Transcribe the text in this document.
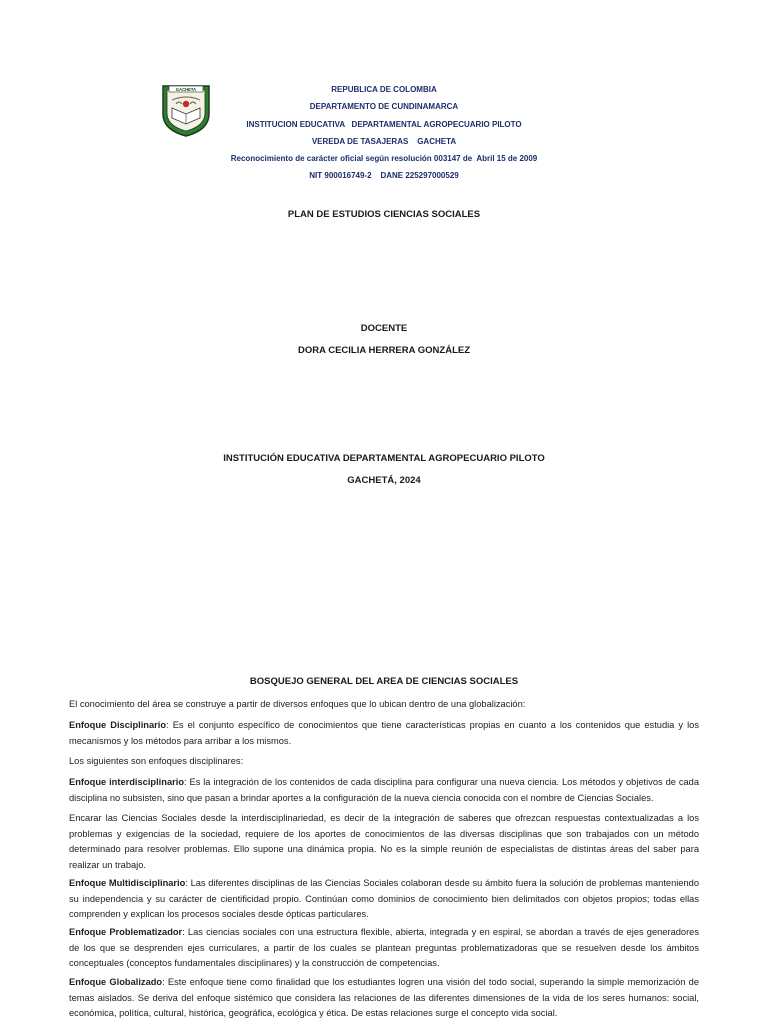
GACHETA	REPUBLICA DE COLOMBIA
DEPARTAMENTO DE CUNDINAMARCA
INSTITUCION EDUCATIVA   DEPARTAMENTAL AGROPECUARIO PILOTO
VEREDA DE TASAJERAS    GACHETA
Reconocimiento de carácter oficial según resolución 003147 de  Abril 15 de 2009
NIT 900016749-2    DANE 225297000529
PLAN DE ESTUDIOS CIENCIAS SOCIALES
DOCENTE
DORA CECILIA HERRERA GONZÁLEZ
INSTITUCIÓN EDUCATIVA DEPARTAMENTAL AGROPECUARIO PILOTO
GACHETÁ, 2024
BOSQUEJO GENERAL DEL AREA DE CIENCIAS SOCIALES
El conocimiento del área se construye a partir de diversos enfoques que lo ubican dentro de una globalización:
Enfoque Disciplinario: Es el conjunto específico de conocimientos que tiene características propias en cuanto a los contenidos que estudia y los mecanismos y los métodos para arribar a los mismos.
Los siguientes son enfoques disciplinares:
Enfoque interdisciplinario: Es la integración de los contenidos de cada disciplina para configurar una nueva ciencia. Los métodos y objetivos de cada disciplina no subsisten, sino que pasan a brindar aportes a la configuración de la nueva ciencia conocida con el nombre de Ciencias Sociales.
Encarar las Ciencias Sociales desde la interdisciplinariedad, es decir de la integración de saberes que ofrezcan respuestas contextualizadas a los problemas y exigencias de la sociedad, requiere de los aportes de conocimientos de las diversas disciplinas que son trabajados con un método determinado para resolver problemas. Ello supone una dinámica propia. No es la simple reunión de especialistas de distintas áreas del saber para realizar un trabajo.
Enfoque Multidisciplinario: Las diferentes disciplinas de las Ciencias Sociales colaboran desde su ámbito fuera la solución de problemas manteniendo su independencia y su carácter de cientificidad propio. Continúan como dominios de conocimiento bien delimitados con objetos propios; todas ellas comprenden y explican los procesos sociales desde ópticas particulares.
Enfoque Problematizador: Las ciencias sociales con una estructura flexible, abierta, integrada y en espiral, se abordan a través de ejes generadores de los que se desprenden ejes curriculares, a partir de los cuales se plantean preguntas problematizadoras que se resuelven desde los ámbitos conceptuales (conceptos fundamentales disciplinares) y la construcción de competencias.
Enfoque Globalizado: Este enfoque tiene como finalidad que los estudiantes logren una visión del todo social, superando la simple memorización de temas aislados. Se deriva del enfoque sistémico que considera las relaciones de las diferentes dimensiones de la vida de los seres humanos: social, económica, política, cultural, histórica, geográfica, ecológica y ética. De estas relaciones surge el concepto vida social.
